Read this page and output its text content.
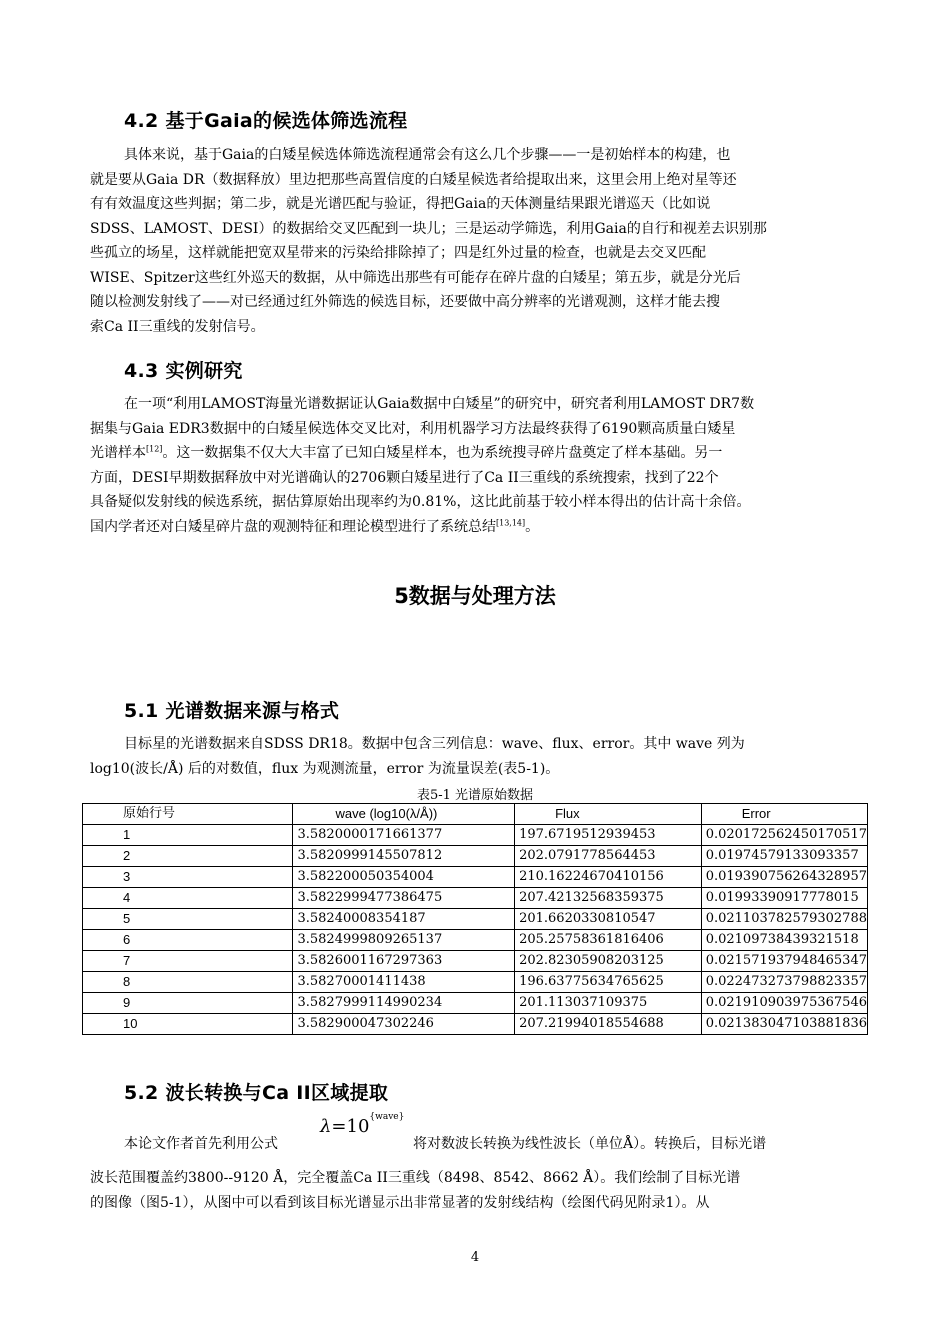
4.2 基于Gaia的候选体筛选流程
具体来说，基于Gaia的白矮星候选体筛选流程通常会有这么几个步骤——一是初始样本的构建，也
就是要从Gaia DR（数据释放）里边把那些高置信度的白矮星候选者给提取出来，这里会用上绝对星等还
有有效温度这些判据；第二步，就是光谱匹配与验证，得把Gaia的天体测量结果跟光谱巡天（比如说
SDSS、LAMOST、DESI）的数据给交叉匹配到一块儿；三是运动学筛选，利用Gaia的自行和视差去识别那
些孤立的场星，这样就能把宽双星带来的污染给排除掉了；四是红外过量的检查，也就是去交叉匹配
WISE、Spitzer这些红外巡天的数据，从中筛选出那些有可能存在碎片盘的白矮星；第五步，就是分光后
随以检测发射线了——对已经通过红外筛选的候选目标，还要做中高分辨率的光谱观测，这样才能去搜
索Ca II三重线的发射信号。
4.3 实例研究
在一项“利用LAMOST海量光谱数据证认Gaia数据中白矮星”的研究中，研究者利用LAMOST DR7数
据集与Gaia EDR3数据中的白矮星候选体交叉比对，利用机器学习方法最终获得了6190颗高质量白矮星
光谱样本[12]。这一数据集不仅大大丰富了已知白矮星样本，也为系统搜寻碎片盘奠定了样本基础。另一
方面，DESI早期数据释放中对光谱确认的2706颗白矮星进行了Ca II三重线的系统搜索，找到了22个
具备疑似发射线的候选系统，据估算原始出现率约为0.81%，这比此前基于较小样本得出的估计高十余倍。
国内学者还对白矮星碎片盘的观测特征和理论模型进行了系统总结[13,14]。
5数据与处理方法
5.1 光谱数据来源与格式
目标星的光谱数据来自SDSS DR18。数据中包含三列信息：wave、flux、error。其中 wave 列为
log10(波长/Å) 后的对数值，flux 为观测流量，error 为流量误差(表5-1)。
表5-1 光谱原始数据
原始行号	wave (log10(λ/Å))	Flux	Error
1	3.5820000171661377	197.6719512939453	0.020172562450170517
2	3.5820999145507812	202.0791778564453	0.01974579133093357
3	3.582200050354004	210.16224670410156	0.019390756264328957
4	3.5822999477386475	207.42132568359375	0.01993390917778015
5	3.58240008354187	201.6620330810547	0.021103782579302788
6	3.5824999809265137	205.25758361816406	0.02109738439321518
7	3.5826001167297363	202.82305908203125	0.021571937948465347
8	3.58270001411438	196.63775634765625	0.022473273798823357
9	3.5827999114990234	201.113037109375	0.021910903975367546
10	3.582900047302246	207.21994018554688	0.021383047103881836
5.2 波长转换与Ca II区域提取
$\lambda=10^{\{wave\}}$
本论文作者首先利用公式	将对数波长转换为线性波长（单位Å）。转换后，目标光谱
波长范围覆盖约3800--9120 Å，完全覆盖Ca II三重线（8498、8542、8662 Å）。我们绘制了目标光谱
的图像（图5-1），从图中可以看到该目标光谱显示出非常显著的发射线结构（绘图代码见附录1）。从
4
